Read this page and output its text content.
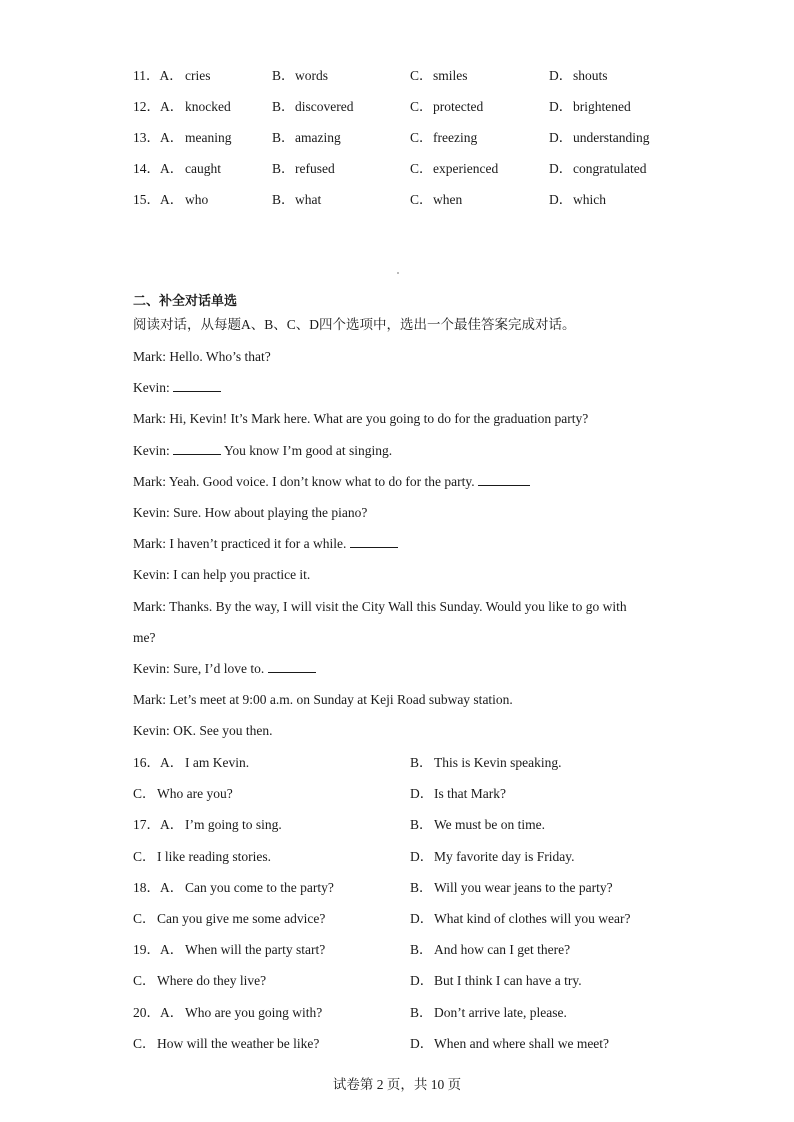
11．A． cries	B． words	C． smiles	D． shouts
12．A． knocked	B． discovered	C． protected	D． brightened
13．A． meaning	B． amazing	C． freezing	D． understanding
14．A． caught	B． refused	C． experienced	D． congratulated
15．A． who	B． what	C． when	D． which
二、补全对话单选
阅读对话，从每题A、B、C、D四个选项中，选出一个最佳答案完成对话。
Mark: Hello. Who’s that?
Kevin:
Mark: Hi, Kevin! It’s Mark here. What are you going to do for the graduation party?
Kevin:	You know I’m good at singing.
Mark: Yeah. Good voice. I don’t know what to do for the party.
Kevin: Sure. How about playing the piano?
Mark: I haven’t practiced it for a while.
Kevin: I can help you practice it.
Mark: Thanks. By the way, I will visit the City Wall this Sunday. Would you like to go with
me?
Kevin: Sure, I’d love to.
Mark: Let’s meet at 9:00 a.m. on Sunday at Keji Road subway station.
Kevin: OK. See you then.
16．A． I am Kevin.	B． This is Kevin speaking.
C． Who are you?	D． Is that Mark?
17．A． I’m going to sing.	B． We must be on time.
C． I like reading stories.	D． My favorite day is Friday.
18．A． Can you come to the party?	B． Will you wear jeans to the party?
C． Can you give me some advice?	D． What kind of clothes will you wear?
19．A． When will the party start?	B． And how can I get there?
C． Where do they live?	D． But I think I can have a try.
20．A． Who are you going with?	B． Don’t arrive late, please.
C． How will the weather be like?	D． When and where shall we meet?
试卷第 2 页，共 10 页
